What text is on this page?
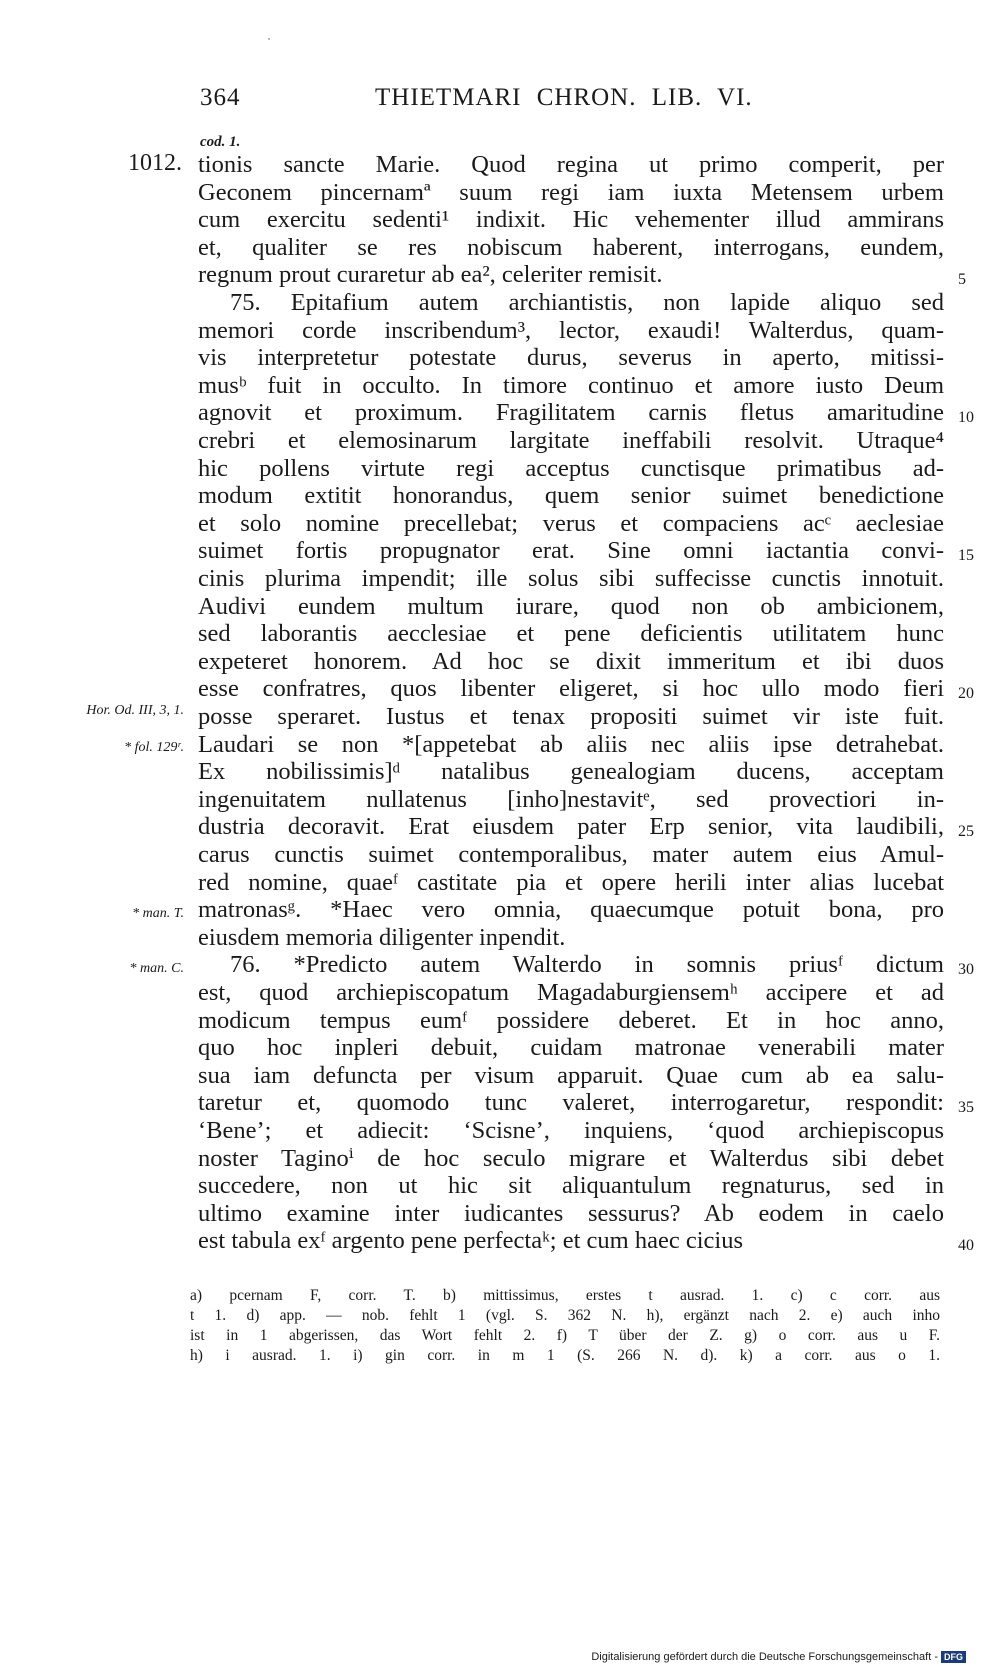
364	THIETMARI CHRON. LIB. VI.
cod. 1.
1012. tionis sancte Marie. Quod regina ut primo comperit, per
Geconem pincernamª suum regi iam iuxta Metensem urbem
cum exercitu sedenti¹ indixit. Hic vehementer illud ammirans
et, qualiter se res nobiscum haberent, interrogans, eundem,
regnum prout curaretur ab ea², celeriter remisit.
75. Epitafium autem archiantistis, non lapide aliquo sed
memori corde inscribendum³, lector, exaudi! Walterdus, quam-
vis interpretetur potestate durus, severus in aperto, mitissi-
musᵇ fuit in occulto. In timore continuo et amore iusto Deum
agnovit et proximum. Fragilitatem carnis fletus amaritudine
crebri et elemosinarum largitate ineffabili resolvit. Utraque⁴
hic pollens virtute regi acceptus cunctisque primatibus ad-
modum extitit honorandus, quem senior suimet benedictione
et solo nomine precellebat; verus et compaciens acᶜ aeclesiae
suimet fortis propugnator erat. Sine omni iactantia convi-
cinis plurima impendit; ille solus sibi suffecisse cunctis innotuit.
Audivi eundem multum iurare, quod non ob ambicionem,
sed laborantis aecclesiae et pene deficientis utilitatem hunc
expeteret honorem. Ad hoc se dixit immeritum et ibi duos
esse confratres, quos libenter eligeret, si hoc ullo modo fieri
posse speraret. Iustus et tenax propositi suimet vir iste fuit.
Laudari se non *[appetebat ab aliis nec aliis ipse detrahebat.
Ex nobilissimis]ᵈ natalibus genealogiam ducens, acceptam
ingenuitatem nullatenus [inho]nestavitᵉ, sed provectiori in-
dustria decoravit. Erat eiusdem pater Erp senior, vita laudibili,
carus cunctis suimet contemporalibus, mater autem eius Amul-
red nomine, quaeᶠ castitate pia et opere herili inter alias lucebat
matronasᵍ. *Haec vero omnia, quaecumque potuit bona, pro
eiusdem memoria diligenter inpendit.
76. *Predicto autem Walterdo in somnis priusᶠ dictum
est, quod archiepiscopatum Magadaburgiensemʰ accipere et ad
modicum tempus eumᶠ possidere deberet. Et in hoc anno,
quo hoc inpleri debuit, cuidam matronae venerabili mater
sua iam defuncta per visum apparuit. Quae cum ab ea salu-
taretur et, quomodo tunc valeret, interrogaretur, respondit:
‘Bene’; et adiecit: ‘Scisne’, inquiens, ‘quod archiepiscopus
noster Taginoⁱ de hoc seculo migrare et Walterdus sibi debet
succedere, non ut hic sit aliquantulum regnaturus, sed in
ultimo examine inter iudicantes sessurus? Ab eodem in caelo
est tabula exᶠ argento pene perfectaᵏ; et cum haec cicius
5
10
15
20
25
30
35
40
Hor. Od. III, 3, 1.
* fol. 129ʳ.
* man. T.
* man. C.
a) pcernam F, corr. T. b) mittissimus, erstes t ausrad. 1. c) c corr. aus
t 1. d) app. — nob. fehlt 1 (vgl. S. 362 N. h), ergänzt nach 2. e) auch inho
ist in 1 abgerissen, das Wort fehlt 2. f) T über der Z. g) o corr. aus u F.
h) i ausrad. 1. i) gin corr. in m 1 (S. 266 N. d). k) a corr. aus o 1.
Digitalisierung gefördert durch die Deutsche Forschungsgemeinschaft - DFG
